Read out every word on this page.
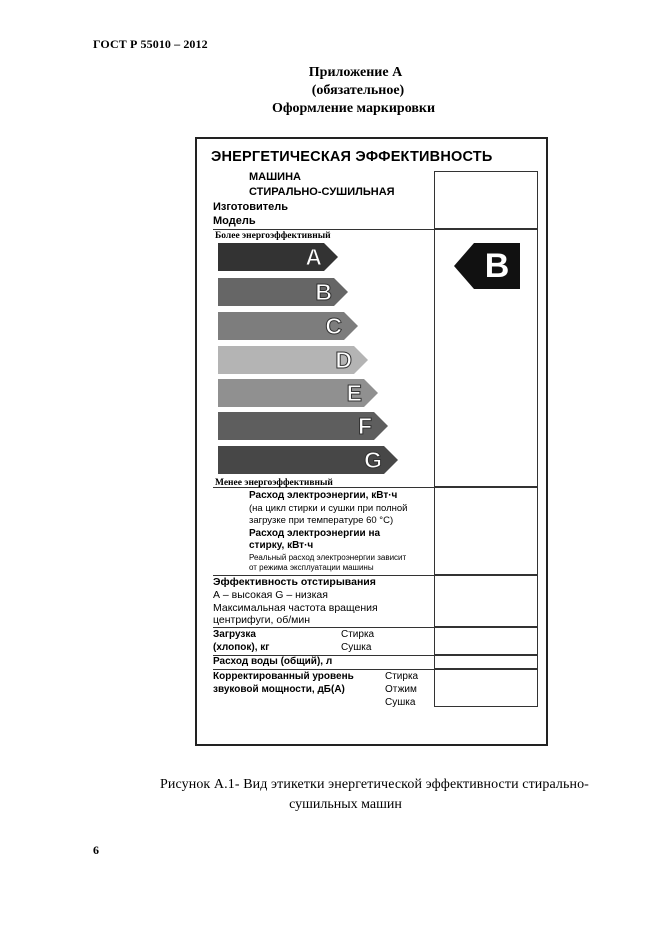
ГОСТ Р 55010 – 2012
Приложение А
(обязательное)
Оформление маркировки
ЭНЕРГЕТИЧЕСКАЯ ЭФФЕКТИВНОСТЬ
МАШИНА
СТИРАЛЬНО-СУШИЛЬНАЯ
Изготовитель
Модель
Более энергоэффективный
A
B
C
D
E
F
G
Менее энергоэффективный
B
Расход электроэнергии, кВт·ч
(на цикл стирки и сушки при полной
загрузке при температуре 60 °С)
Расход электроэнергии на
стирку, кВт·ч
Реальный расход электроэнергии зависит
от режима эксплуатации машины
Эффективность отстирывания
А – высокая G – низкая
Максимальная частота вращения
центрифуги, об/мин
Загрузка
(хлопок), кг
Стирка
Сушка
Расход воды (общий), л
Корректированный уровень
звуковой мощности, дБ(А)
Стирка
Отжим
Сушка
Рисунок А.1- Вид этикетки энергетической эффективности стирально-
сушильных машин
6
